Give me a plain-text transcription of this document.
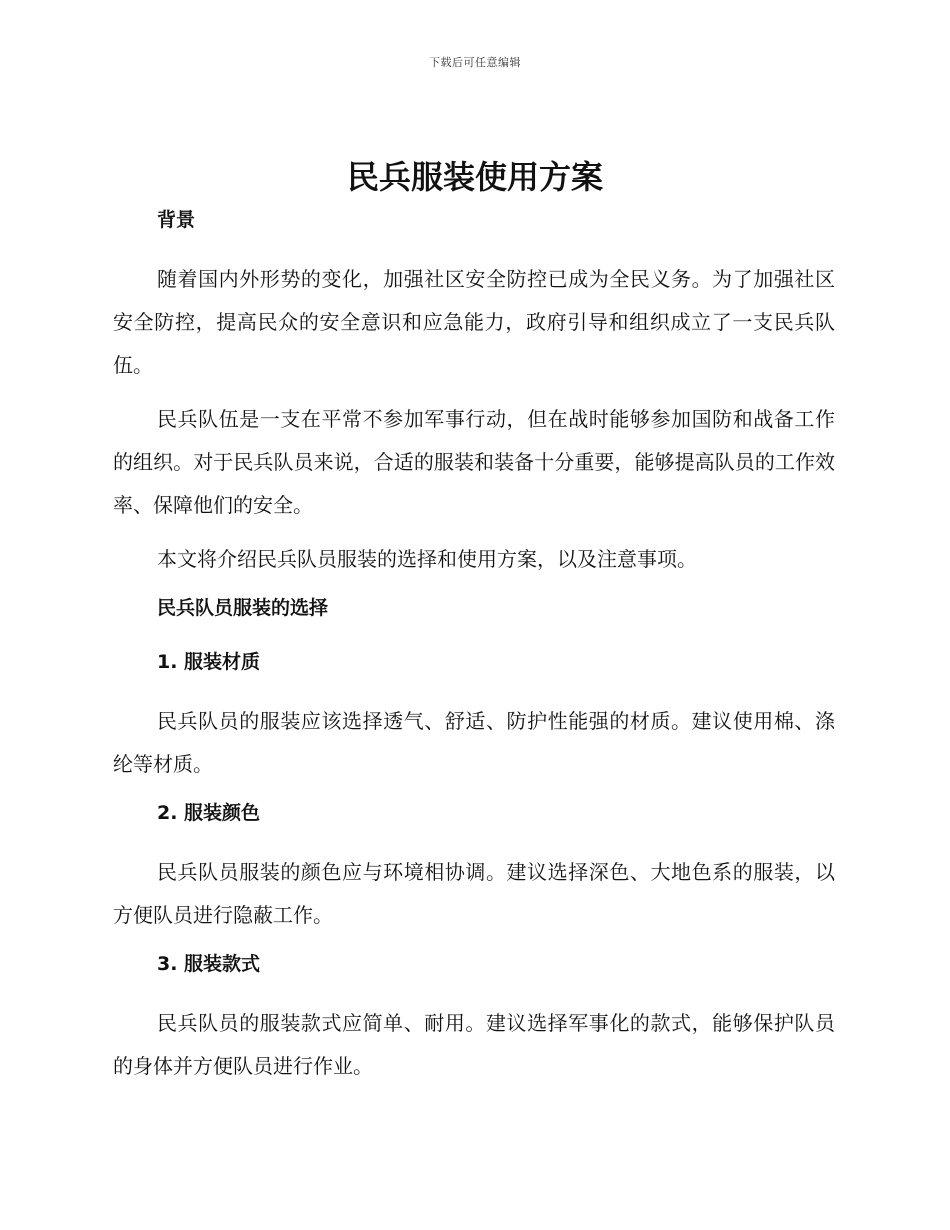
下载后可任意编辑
民兵服装使用方案
背景

随着国内外形势的变化，加强社区安全防控已成为全民义务。为了加强社区安全防控，提高民众的安全意识和应急能力，政府引导和组织成立了一支民兵队伍。

民兵队伍是一支在平常不参加军事行动，但在战时能够参加国防和战备工作的组织。对于民兵队员来说，合适的服装和装备十分重要，能够提高队员的工作效率、保障他们的安全。

本文将介绍民兵队员服装的选择和使用方案，以及注意事项。

民兵队员服装的选择
1. 服装材质

民兵队员的服装应该选择透气、舒适、防护性能强的材质。建议使用棉、涤纶等材质。

2. 服装颜色

民兵队员服装的颜色应与环境相协调。建议选择深色、大地色系的服装，以方便队员进行隐蔽工作。

3. 服装款式

民兵队员的服装款式应简单、耐用。建议选择军事化的款式，能够保护队员的身体并方便队员进行作业。
